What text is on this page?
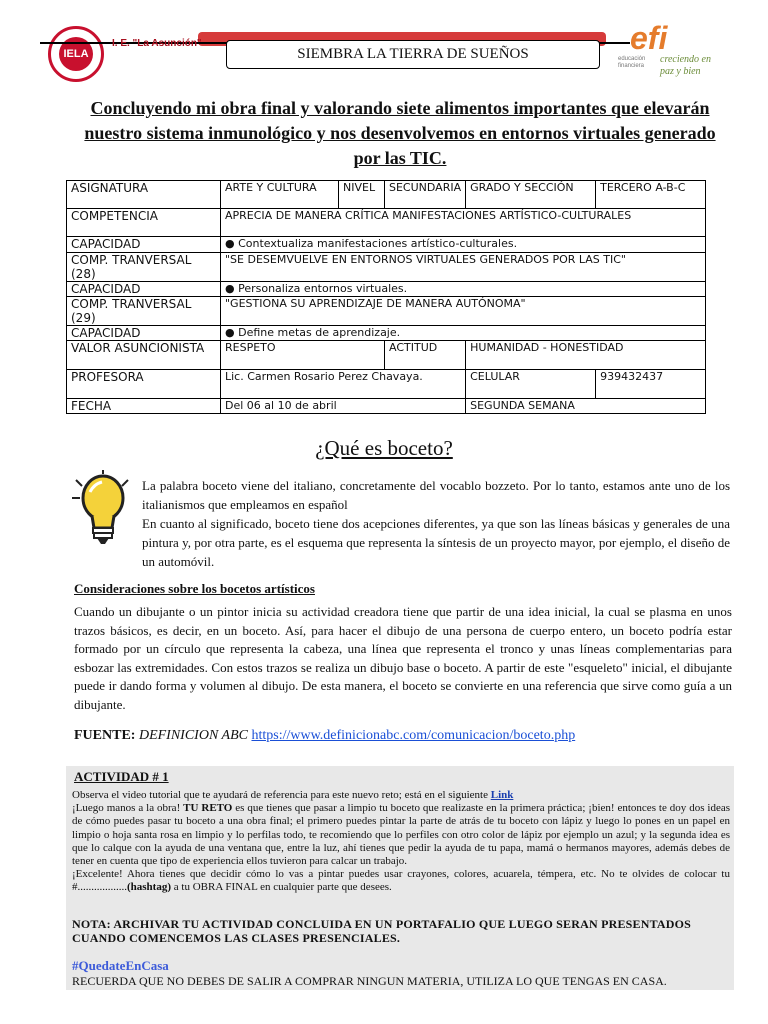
IELA
I. E. "La Asunción"
SIEMBRA LA TIERRA DE SUEÑOS	efi
educación financiera
creciendo en paz y bien
Concluyendo mi obra final y valorando siete alimentos importantes que elevarán nuestro sistema inmunológico y nos desenvolvemos en entornos virtuales generado por las TIC.
ASIGNATURA	ARTE Y CULTURA	NIVEL	SECUNDARIA	GRADO Y SECCIÓN	TERCERO A-B-C
COMPETENCIA	APRECIA DE MANERA CRÍTICA MANIFESTACIONES ARTÍSTICO-CULTURALES				
CAPACIDAD	● Contextualiza manifestaciones artístico-culturales.				
COMP. TRANVERSAL (28)	"SE DESEMVUELVE EN ENTORNOS VIRTUALES GENERADOS POR LAS TIC"				
CAPACIDAD	● Personaliza entornos virtuales.				
COMP. TRANVERSAL (29)	"GESTIONA SU APRENDIZAJE DE MANERA AUTÓNOMA"				
CAPACIDAD	● Define metas de aprendizaje.				
VALOR ASUNCIONISTA	RESPETO		ACTITUD	HUMANIDAD - HONESTIDAD	
PROFESORA	Lic. Carmen Rosario Perez Chavaya.			CELULAR	939432437
FECHA	Del 06 al 10 de abril			SEGUNDA SEMANA	
¿Qué es boceto?
La palabra boceto viene del italiano, concretamente del vocablo bozzeto. Por lo tanto, estamos ante uno de los italianismos que empleamos en español
En cuanto al significado, boceto tiene dos acepciones diferentes, ya que son las líneas básicas y generales de una pintura y, por otra parte, es el esquema que representa la síntesis de un proyecto mayor, por ejemplo, el diseño de un automóvil.
Consideraciones sobre los bocetos artísticos
Cuando un dibujante o un pintor inicia su actividad creadora tiene que partir de una idea inicial, la cual se plasma en unos trazos básicos, es decir, en un boceto. Así, para hacer el dibujo de una persona de cuerpo entero, un boceto podría estar formado por un círculo que representa la cabeza, una línea que representa el tronco y unas líneas complementarias para esbozar las extremidades. Con estos trazos se realiza un dibujo base o boceto. A partir de este "esqueleto" inicial, el dibujante puede ir dando forma y volumen al dibujo. De esta manera, el boceto se convierte en una referencia que sirve como guía a un dibujante.
FUENTE: DEFINICION ABC https://www.definicionabc.com/comunicacion/boceto.php
ACTIVIDAD # 1
Observa el video tutorial que te ayudará de referencia para este nuevo reto; está en el siguiente Link
¡Luego manos a la obra! TU RETO es que tienes que pasar a limpio tu boceto que realizaste en la primera práctica; ¡bien! entonces te doy dos ideas de cómo puedes pasar tu boceto a una obra final; el primero puedes pintar la parte de atrás de tu boceto con lápiz y luego lo pones en un papel en limpio o hoja santa rosa en limpio y lo perfilas todo, te recomiendo que lo perfiles con otro color de lápiz por ejemplo un azul; y la segunda idea es que lo calque con la ayuda de una ventana que, entre la luz, ahí tienes que pedir la ayuda de tu papa, mamá o hermanos mayores, además debes de tener en cuenta que tipo de experiencia ellos tuvieron para calcar un trabajo.
¡Excelente! Ahora tienes que decidir cómo lo vas a pintar puedes usar crayones, colores, acuarela, témpera, etc. No te olvides de colocar tu #..................(hashtag) a tu OBRA FINAL en cualquier parte que desees.
NOTA: ARCHIVAR TU ACTIVIDAD CONCLUIDA EN UN PORTAFALIO QUE LUEGO SERAN PRESENTADOS CUANDO COMENCEMOS LAS CLASES PRESENCIALES.
#QuedateEnCasa
RECUERDA QUE NO DEBES DE SALIR A COMPRAR NINGUN MATERIA, UTILIZA LO QUE TENGAS EN CASA.
